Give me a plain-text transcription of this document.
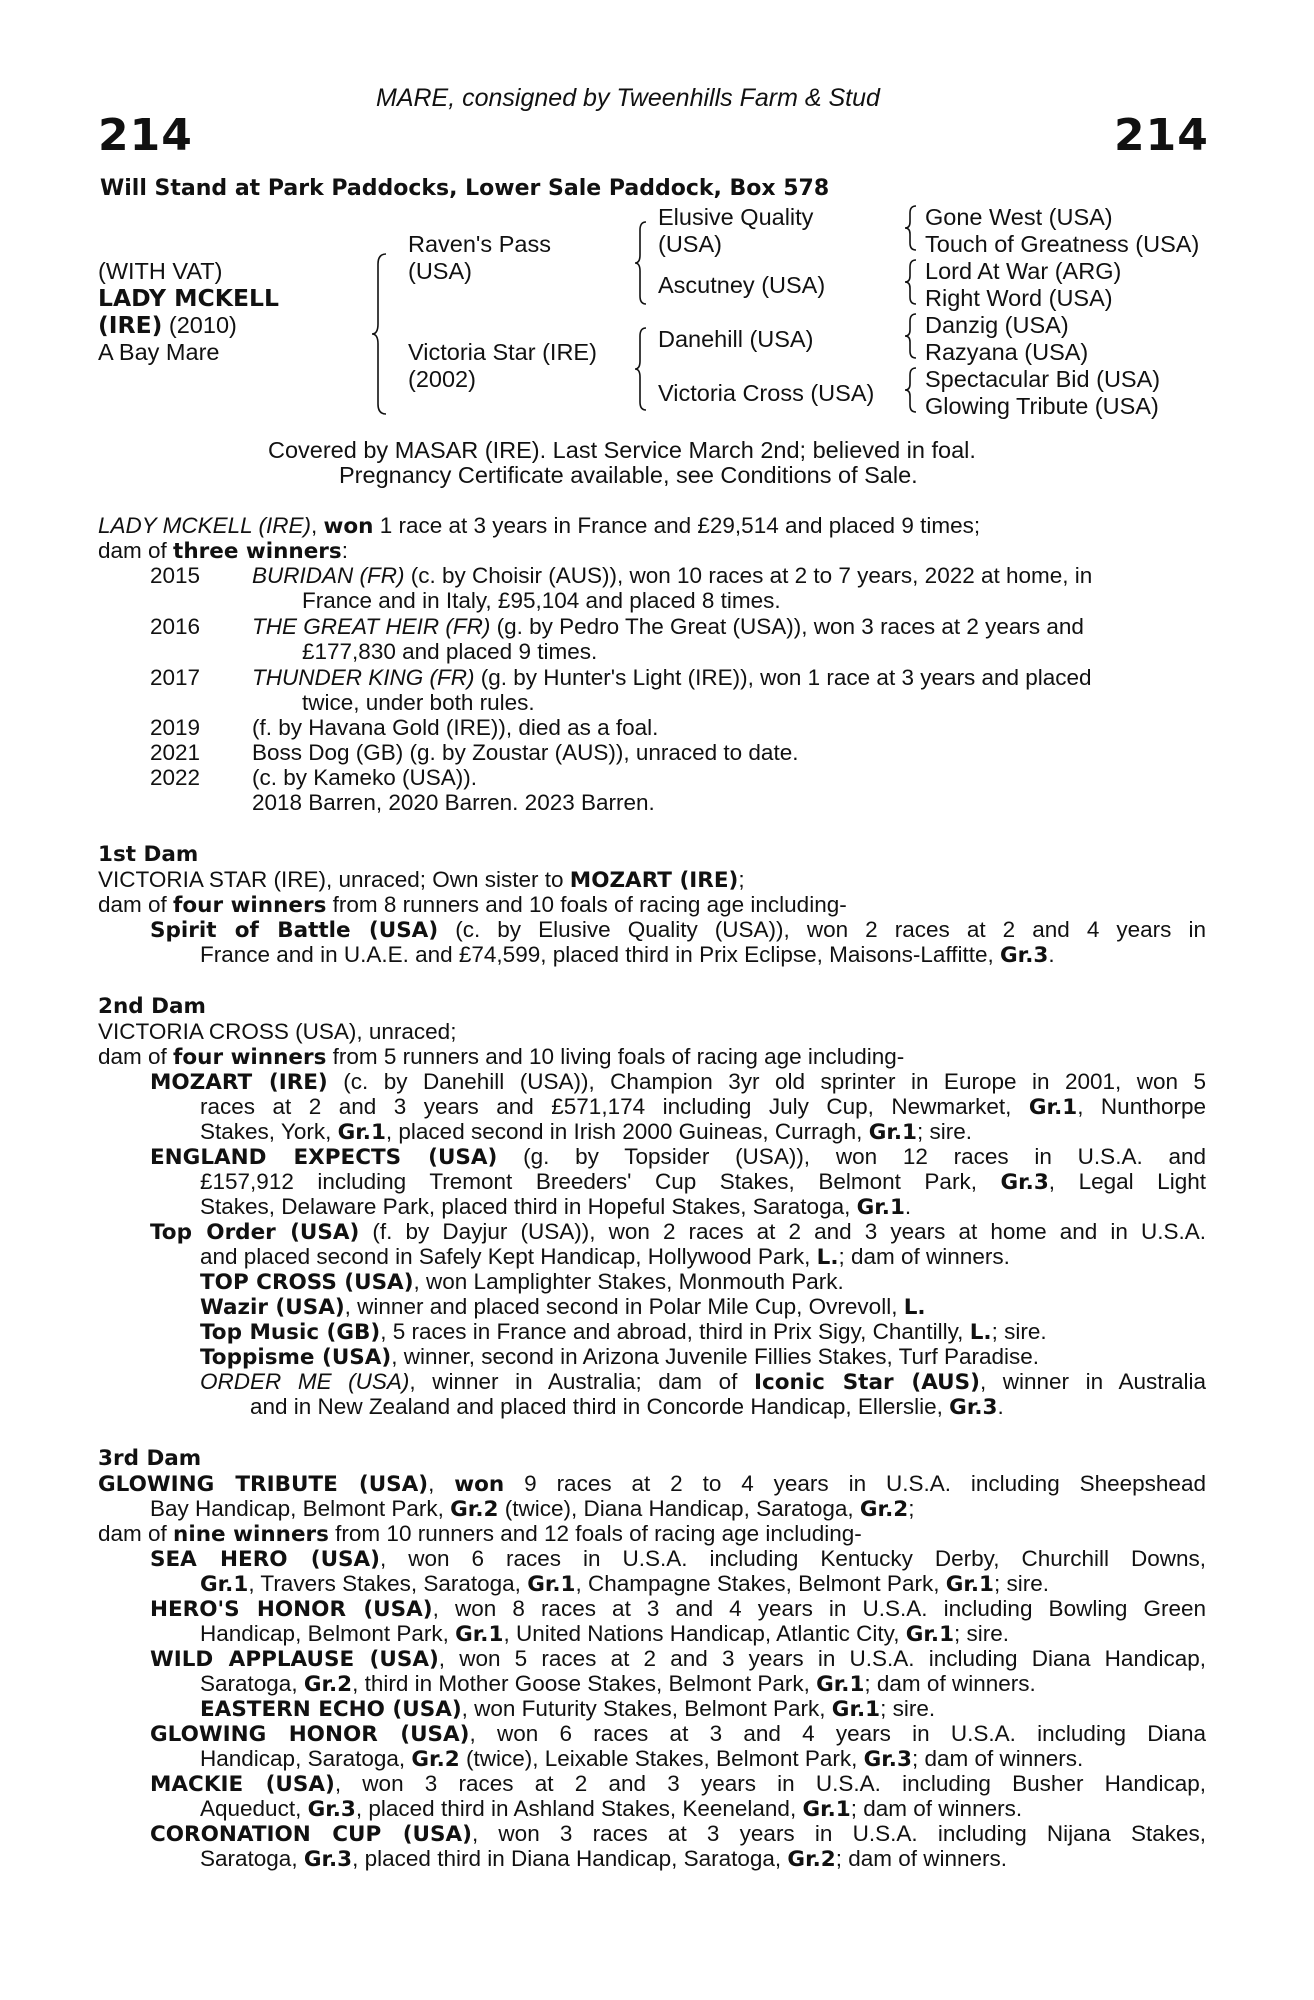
MARE, consigned by Tweenhills Farm & Stud
214	214
Will Stand at Park Paddocks, Lower Sale Paddock, Box 578
(WITH VAT)
LADY MCKELL
(IRE) (2010)
A Bay Mare
Raven's Pass
(USA)
Victoria Star (IRE)
(2002)
Elusive Quality
(USA)
Ascutney (USA)
Danehill (USA)
Victoria Cross (USA)
Gone West (USA)
Touch of Greatness (USA)
Lord At War (ARG)
Right Word (USA)
Danzig (USA)
Razyana (USA)
Spectacular Bid (USA)
Glowing Tribute (USA)
Covered by MASAR (IRE). Last Service March 2nd; believed in foal.
Pregnancy Certificate available, see Conditions of Sale.
LADY MCKELL (IRE), won 1 race at 3 years in France and £29,514 and placed 9 times;
dam of three winners:
2015 BURIDAN (FR) (c. by Choisir (AUS)), won 10 races at 2 to 7 years, 2022 at home, in
France and in Italy, £95,104 and placed 8 times.
2016 THE GREAT HEIR (FR) (g. by Pedro The Great (USA)), won 3 races at 2 years and
£177,830 and placed 9 times.
2017 THUNDER KING (FR) (g. by Hunter's Light (IRE)), won 1 race at 3 years and placed
twice, under both rules.
2019 (f. by Havana Gold (IRE)), died as a foal.
2021 Boss Dog (GB) (g. by Zoustar (AUS)), unraced to date.
2022 (c. by Kameko (USA)).
2018 Barren, 2020 Barren. 2023 Barren.
1st Dam
VICTORIA STAR (IRE), unraced; Own sister to MOZART (IRE);
dam of four winners from 8 runners and 10 foals of racing age including-
Spirit of Battle (USA) (c. by Elusive Quality (USA)), won 2 races at 2 and 4 years in
France and in U.A.E. and £74,599, placed third in Prix Eclipse, Maisons-Laffitte, Gr.3.
2nd Dam
VICTORIA CROSS (USA), unraced;
dam of four winners from 5 runners and 10 living foals of racing age including-
MOZART (IRE) (c. by Danehill (USA)), Champion 3yr old sprinter in Europe in 2001, won 5
races at 2 and 3 years and £571,174 including July Cup, Newmarket, Gr.1, Nunthorpe
Stakes, York, Gr.1, placed second in Irish 2000 Guineas, Curragh, Gr.1; sire.
ENGLAND EXPECTS (USA) (g. by Topsider (USA)), won 12 races in U.S.A. and
£157,912 including Tremont Breeders' Cup Stakes, Belmont Park, Gr.3, Legal Light
Stakes, Delaware Park, placed third in Hopeful Stakes, Saratoga, Gr.1.
Top Order (USA) (f. by Dayjur (USA)), won 2 races at 2 and 3 years at home and in U.S.A.
and placed second in Safely Kept Handicap, Hollywood Park, L.; dam of winners.
TOP CROSS (USA), won Lamplighter Stakes, Monmouth Park.
Wazir (USA), winner and placed second in Polar Mile Cup, Ovrevoll, L.
Top Music (GB), 5 races in France and abroad, third in Prix Sigy, Chantilly, L.; sire.
Toppisme (USA), winner, second in Arizona Juvenile Fillies Stakes, Turf Paradise.
ORDER ME (USA), winner in Australia; dam of Iconic Star (AUS), winner in Australia
and in New Zealand and placed third in Concorde Handicap, Ellerslie, Gr.3.
3rd Dam
GLOWING TRIBUTE (USA), won 9 races at 2 to 4 years in U.S.A. including Sheepshead
Bay Handicap, Belmont Park, Gr.2 (twice), Diana Handicap, Saratoga, Gr.2;
dam of nine winners from 10 runners and 12 foals of racing age including-
SEA HERO (USA), won 6 races in U.S.A. including Kentucky Derby, Churchill Downs,
Gr.1, Travers Stakes, Saratoga, Gr.1, Champagne Stakes, Belmont Park, Gr.1; sire.
HERO'S HONOR (USA), won 8 races at 3 and 4 years in U.S.A. including Bowling Green
Handicap, Belmont Park, Gr.1, United Nations Handicap, Atlantic City, Gr.1; sire.
WILD APPLAUSE (USA), won 5 races at 2 and 3 years in U.S.A. including Diana Handicap,
Saratoga, Gr.2, third in Mother Goose Stakes, Belmont Park, Gr.1; dam of winners.
EASTERN ECHO (USA), won Futurity Stakes, Belmont Park, Gr.1; sire.
GLOWING HONOR (USA), won 6 races at 3 and 4 years in U.S.A. including Diana
Handicap, Saratoga, Gr.2 (twice), Leixable Stakes, Belmont Park, Gr.3; dam of winners.
MACKIE (USA), won 3 races at 2 and 3 years in U.S.A. including Busher Handicap,
Aqueduct, Gr.3, placed third in Ashland Stakes, Keeneland, Gr.1; dam of winners.
CORONATION CUP (USA), won 3 races at 3 years in U.S.A. including Nijana Stakes,
Saratoga, Gr.3, placed third in Diana Handicap, Saratoga, Gr.2; dam of winners.
